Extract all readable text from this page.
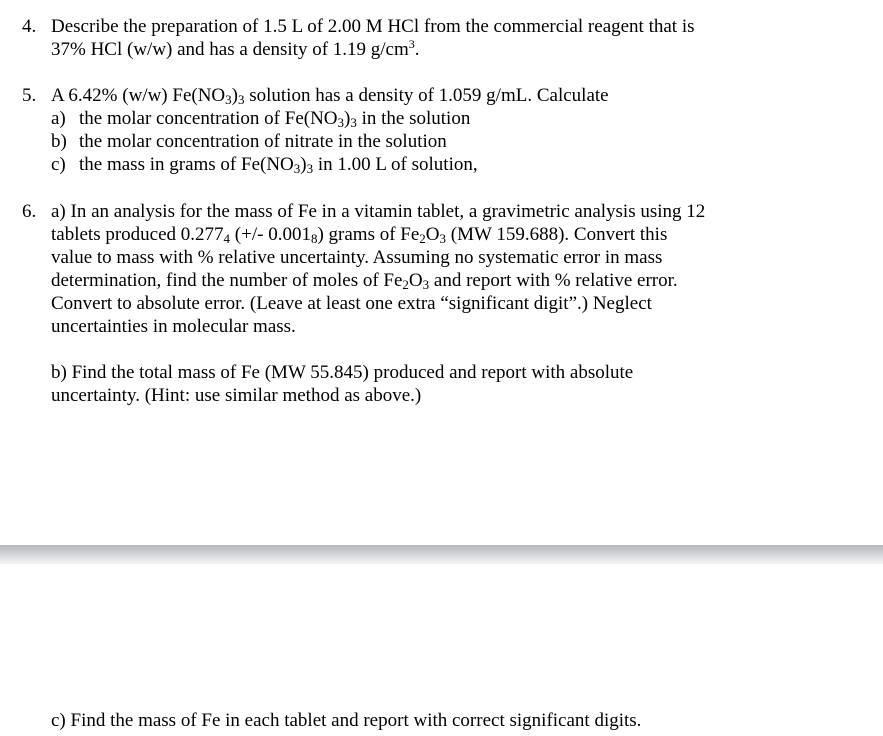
4. Describe the preparation of 1.5 L of 2.00 M HCl from the commercial reagent that is
37% HCl (w/w) and has a density of 1.19 $g/cm^3$.
5. A 6.42% (w/w) $Fe(NO_3)_3$ solution has a density of 1.059 g/mL. Calculate
a) the molar concentration of $Fe(NO_3)_3$ in the solution
b) the molar concentration of nitrate in the solution
c) the mass in grams of $Fe(NO_3)_3$ in 1.00 L of solution,
6. a) In an analysis for the mass of Fe in a vitamin tablet, a gravimetric analysis using 12
tablets produced $0.277_4$ (+/- $0.001_8$) grams of $Fe_2O_3$ (MW 159.688). Convert this
value to mass with % relative uncertainty. Assuming no systematic error in mass
determination, find the number of moles of $Fe_2O_3$ and report with % relative error.
Convert to absolute error. (Leave at least one extra “significant digit”.) Neglect
uncertainties in molecular mass.
b) Find the total mass of Fe (MW 55.845) produced and report with absolute
uncertainty. (Hint: use similar method as above.)
c) Find the mass of Fe in each tablet and report with correct significant digits.
